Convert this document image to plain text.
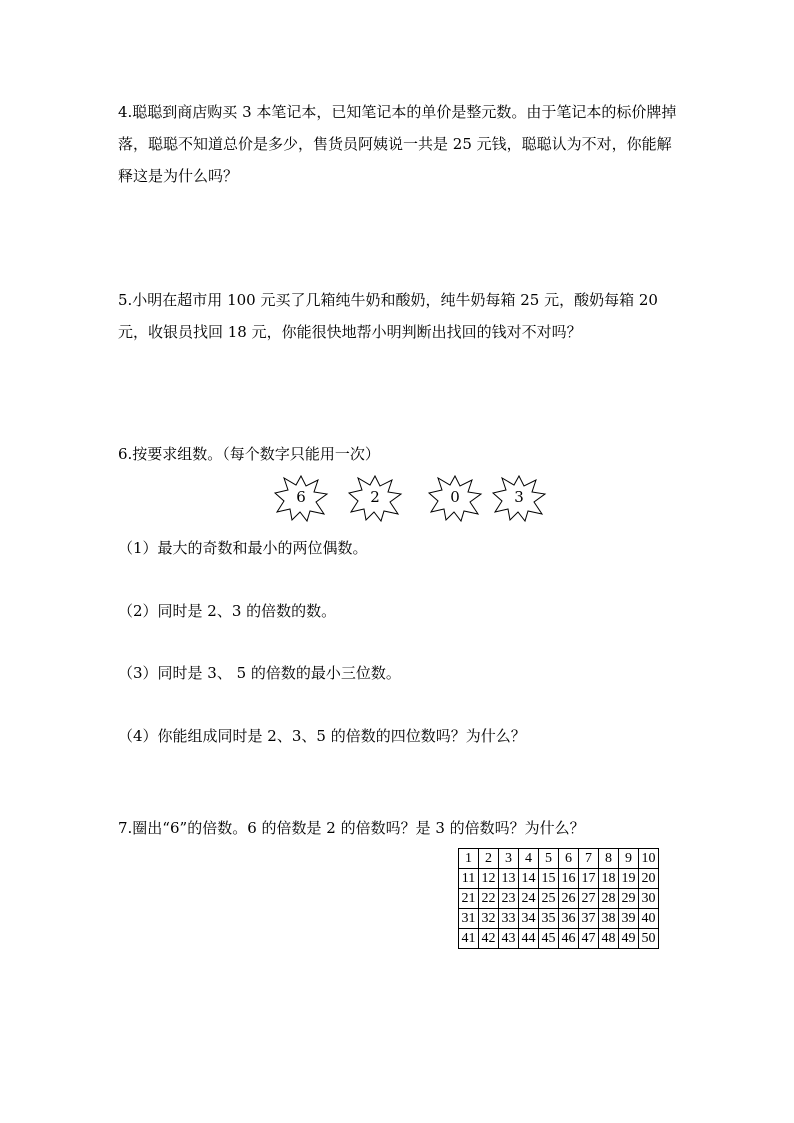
4.聪聪到商店购买 3 本笔记本，已知笔记本的单价是整元数。由于笔记本的标价牌掉落，聪聪不知道总价是多少，售货员阿姨说一共是 25 元钱，聪聪认为不对，你能解释这是为什么吗？

5.小明在超市用 100 元买了几箱纯牛奶和酸奶，纯牛奶每箱 25 元，酸奶每箱 20 元，收银员找回 18 元，你能很快地帮小明判断出找回的钱对不对吗？

6.按要求组数。（每个数字只能用一次）
6	2	0	3
（1）最大的奇数和最小的两位偶数。
（2）同时是 2、3 的倍数的数。
（3）同时是 3、 5 的倍数的最小三位数。
（4）你能组成同时是 2、3、5 的倍数的四位数吗？为什么？
7.圈出“6”的倍数。6 的倍数是 2 的倍数吗？是 3 的倍数吗？为什么？
1	2	3	4	5	6	7	8	9	10
11	12	13	14	15	16	17	18	19	20
21	22	23	24	25	26	27	28	29	30
31	32	33	34	35	36	37	38	39	40
41	42	43	44	45	46	47	48	49	50
